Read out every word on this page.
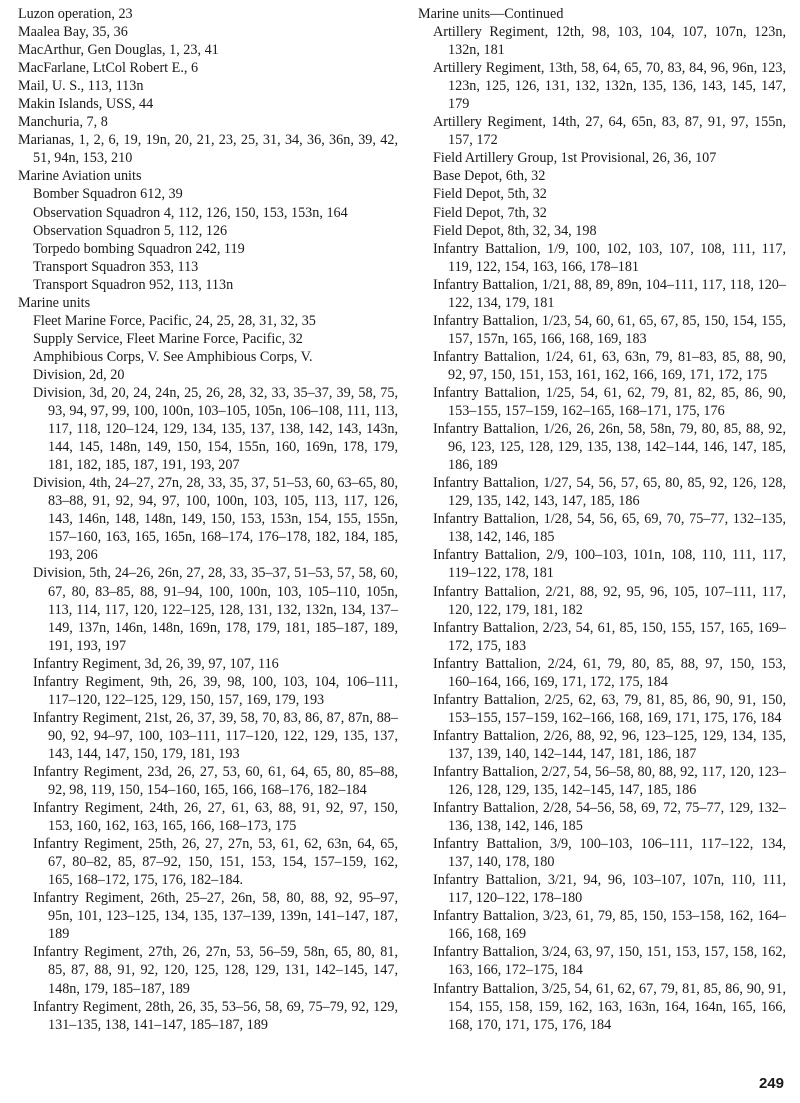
Luzon operation, 23
Maalea Bay, 35, 36
MacArthur, Gen Douglas, 1, 23, 41
MacFarlane, LtCol Robert E., 6
Mail, U. S., 113, 113n
Makin Islands, USS, 44
Manchuria, 7, 8
Marianas, 1, 2, 6, 19, 19n, 20, 21, 23, 25, 31, 34, 36, 36n, 39, 42, 51, 94n, 153, 210
Marine Aviation units
Bomber Squadron 612, 39
Observation Squadron 4, 112, 126, 150, 153, 153n, 164
Observation Squadron 5, 112, 126
Torpedo bombing Squadron 242, 119
Transport Squadron 353, 113
Transport Squadron 952, 113, 113n
Marine units
Fleet Marine Force, Pacific, 24, 25, 28, 31, 32, 35
Supply Service, Fleet Marine Force, Pacific, 32
Amphibious Corps, V. See Amphibious Corps, V.
Division, 2d, 20
Division, 3d, 20, 24, 24n, 25, 26, 28, 32, 33, 35–37, 39, 58, 75, 93, 94, 97, 99, 100, 100n, 103–105, 105n, 106–108, 111, 113, 117, 118, 120–124, 129, 134, 135, 137, 138, 142, 143, 143n, 144, 145, 148n, 149, 150, 154, 155n, 160, 169n, 178, 179, 181, 182, 185, 187, 191, 193, 207
Division, 4th, 24–27, 27n, 28, 33, 35, 37, 51–53, 60, 63–65, 80, 83–88, 91, 92, 94, 97, 100, 100n, 103, 105, 113, 117, 126, 143, 146n, 148, 148n, 149, 150, 153, 153n, 154, 155, 155n, 157–160, 163, 165, 165n, 168–174, 176–178, 182, 184, 185, 193, 206
Division, 5th, 24–26, 26n, 27, 28, 33, 35–37, 51–53, 57, 58, 60, 67, 80, 83–85, 88, 91–94, 100, 100n, 103, 105–110, 105n, 113, 114, 117, 120, 122–125, 128, 131, 132, 132n, 134, 137–149, 137n, 146n, 148n, 169n, 178, 179, 181, 185–187, 189, 191, 193, 197
Infantry Regiment, 3d, 26, 39, 97, 107, 116
Infantry Regiment, 9th, 26, 39, 98, 100, 103, 104, 106–111, 117–120, 122–125, 129, 150, 157, 169, 179, 193
Infantry Regiment, 21st, 26, 37, 39, 58, 70, 83, 86, 87, 87n, 88–90, 92, 94–97, 100, 103–111, 117–120, 122, 129, 135, 137, 143, 144, 147, 150, 179, 181, 193
Infantry Regiment, 23d, 26, 27, 53, 60, 61, 64, 65, 80, 85–88, 92, 98, 119, 150, 154–160, 165, 166, 168–176, 182–184
Infantry Regiment, 24th, 26, 27, 61, 63, 88, 91, 92, 97, 150, 153, 160, 162, 163, 165, 166, 168–173, 175
Infantry Regiment, 25th, 26, 27, 27n, 53, 61, 62, 63n, 64, 65, 67, 80–82, 85, 87–92, 150, 151, 153, 154, 157–159, 162, 165, 168–172, 175, 176, 182–184.
Infantry Regiment, 26th, 25–27, 26n, 58, 80, 88, 92, 95–97, 95n, 101, 123–125, 134, 135, 137–139, 139n, 141–147, 187, 189
Infantry Regiment, 27th, 26, 27n, 53, 56–59, 58n, 65, 80, 81, 85, 87, 88, 91, 92, 120, 125, 128, 129, 131, 142–145, 147, 148n, 179, 185–187, 189
Infantry Regiment, 28th, 26, 35, 53–56, 58, 69, 75–79, 92, 129, 131–135, 138, 141–147, 185–187, 189
Marine units—Continued
Artillery Regiment, 12th, 98, 103, 104, 107, 107n, 123n, 132n, 181
Artillery Regiment, 13th, 58, 64, 65, 70, 83, 84, 96, 96n, 123, 123n, 125, 126, 131, 132, 132n, 135, 136, 143, 145, 147, 179
Artillery Regiment, 14th, 27, 64, 65n, 83, 87, 91, 97, 155n, 157, 172
Field Artillery Group, 1st Provisional, 26, 36, 107
Base Depot, 6th, 32
Field Depot, 5th, 32
Field Depot, 7th, 32
Field Depot, 8th, 32, 34, 198
Infantry Battalion, 1/9, 100, 102, 103, 107, 108, 111, 117, 119, 122, 154, 163, 166, 178–181
Infantry Battalion, 1/21, 88, 89, 89n, 104–111, 117, 118, 120–122, 134, 179, 181
Infantry Battalion, 1/23, 54, 60, 61, 65, 67, 85, 150, 154, 155, 157, 157n, 165, 166, 168, 169, 183
Infantry Battalion, 1/24, 61, 63, 63n, 79, 81–83, 85, 88, 90, 92, 97, 150, 151, 153, 161, 162, 166, 169, 171, 172, 175
Infantry Battalion, 1/25, 54, 61, 62, 79, 81, 82, 85, 86, 90, 153–155, 157–159, 162–165, 168–171, 175, 176
Infantry Battalion, 1/26, 26, 26n, 58, 58n, 79, 80, 85, 88, 92, 96, 123, 125, 128, 129, 135, 138, 142–144, 146, 147, 185, 186, 189
Infantry Battalion, 1/27, 54, 56, 57, 65, 80, 85, 92, 126, 128, 129, 135, 142, 143, 147, 185, 186
Infantry Battalion, 1/28, 54, 56, 65, 69, 70, 75–77, 132–135, 138, 142, 146, 185
Infantry Battalion, 2/9, 100–103, 101n, 108, 110, 111, 117, 119–122, 178, 181
Infantry Battalion, 2/21, 88, 92, 95, 96, 105, 107–111, 117, 120, 122, 179, 181, 182
Infantry Battalion, 2/23, 54, 61, 85, 150, 155, 157, 165, 169–172, 175, 183
Infantry Battalion, 2/24, 61, 79, 80, 85, 88, 97, 150, 153, 160–164, 166, 169, 171, 172, 175, 184
Infantry Battalion, 2/25, 62, 63, 79, 81, 85, 86, 90, 91, 150, 153–155, 157–159, 162–166, 168, 169, 171, 175, 176, 184
Infantry Battalion, 2/26, 88, 92, 96, 123–125, 129, 134, 135, 137, 139, 140, 142–144, 147, 181, 186, 187
Infantry Battalion, 2/27, 54, 56–58, 80, 88, 92, 117, 120, 123–126, 128, 129, 135, 142–145, 147, 185, 186
Infantry Battalion, 2/28, 54–56, 58, 69, 72, 75–77, 129, 132–136, 138, 142, 146, 185
Infantry Battalion, 3/9, 100–103, 106–111, 117–122, 134, 137, 140, 178, 180
Infantry Battalion, 3/21, 94, 96, 103–107, 107n, 110, 111, 117, 120–122, 178–180
Infantry Battalion, 3/23, 61, 79, 85, 150, 153–158, 162, 164–166, 168, 169
Infantry Battalion, 3/24, 63, 97, 150, 151, 153, 157, 158, 162, 163, 166, 172–175, 184
Infantry Battalion, 3/25, 54, 61, 62, 67, 79, 81, 85, 86, 90, 91, 154, 155, 158, 159, 162, 163, 163n, 164, 164n, 165, 166, 168, 170, 171, 175, 176, 184
249
